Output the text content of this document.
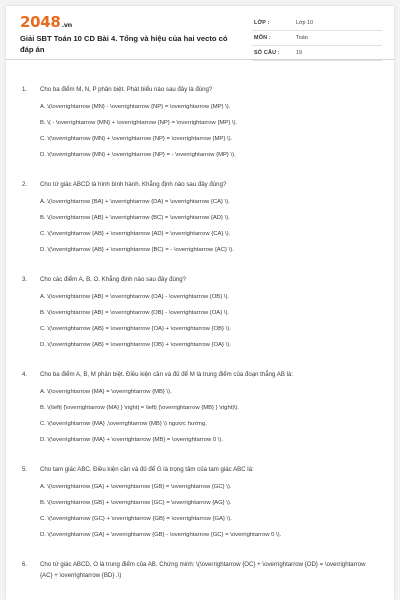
2048.vn
Giải SBT Toán 10 CD Bài 4. Tổng và hiệu của hai vecto có đáp án
LỚP :	Lớp 10
MÔN :	Toán
SỐ CÂU :	19
1.	Cho ba điểm M, N, P phân biệt. Phát biểu nào sau đây là đúng?
A. \(\overrightarrow {MN} - \overrightarrow {NP} = \overrightarrow {MP} \).
B. \( - \overrightarrow {MN} + \overrightarrow {NP} = \overrightarrow {MP} \).
C. \(\overrightarrow {MN} + \overrightarrow {NP} = \overrightarrow {MP} \).
D. \(\overrightarrow {MN} + \overrightarrow {NP} = - \overrightarrow {MP} \).
2.	Cho tứ giác ABCD là hình bình hành. Khẳng định nào sau đây đúng?
A. \(\overrightarrow {BA} + \overrightarrow {DA} = \overrightarrow {CA} \).
B. \(\overrightarrow {AB} + \overrightarrow {BC} = \overrightarrow {AD} \).
C. \(\overrightarrow {AB} + \overrightarrow {AD} = \overrightarrow {CA} \).
D. \(\overrightarrow {AB} + \overrightarrow {BC} = - \overrightarrow {AC} \).
3.	Cho các điểm A, B, O. Khẳng định nào sau đây đúng?
A. \(\overrightarrow {AB} = \overrightarrow {OA} - \overrightarrow {OB} \).
B. \(\overrightarrow {AB} = \overrightarrow {OB} - \overrightarrow {OA} \).
C. \(\overrightarrow {AB} = \overrightarrow {OA} + \overrightarrow {OB} \).
D. \(\overrightarrow {AB} = \overrightarrow {OB} + \overrightarrow {OA} \).
4.	Cho ba điểm A, B, M phân biệt. Điều kiện cần và đủ để M là trung điểm của đoạn thẳng AB là:
A. \(\overrightarrow {MA} = \overrightarrow {MB} \).
B. \(\left| {\overrightarrow {MA} } \right| = \left| {\overrightarrow {MB} } \right|\).
C. \(\overrightarrow {MA} ,\overrightarrow {MB} \) ngược hướng.
D. \(\overrightarrow {MA} + \overrightarrow {MB} = \overrightarrow 0 \).
5.	Cho tam giác ABC. Điều kiện cần và đủ để G là trọng tâm của tam giác ABC là:
A. \(\overrightarrow {GA} + \overrightarrow {GB} = \overrightarrow {GC} \).
B. \(\overrightarrow {GB} + \overrightarrow {GC} = \overrightarrow {AG} \).
C. \(\overrightarrow {GC} + \overrightarrow {GB} = \overrightarrow {GA} \).
D. \(\overrightarrow {GA} + \overrightarrow {GB} - \overrightarrow {GC} = \overrightarrow 0 \).
6.	Cho tứ giác ABCD, O là trung điểm của AB. Chứng minh: \(\overrightarrow {OC} + \overrightarrow {OD} = \overrightarrow {AC} + \overrightarrow {BD} .\)
